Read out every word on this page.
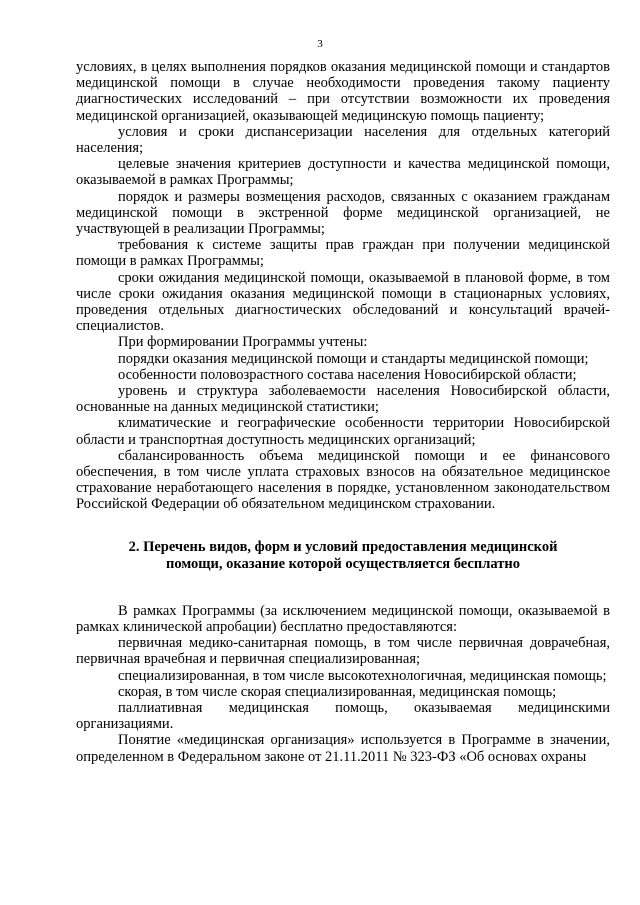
3

условиях, в целях выполнения порядков оказания медицинской помощи и стандартов медицинской помощи в случае необходимости проведения такому пациенту диагностических исследований – при отсутствии возможности их проведения медицинской организацией, оказывающей медицинскую помощь пациенту;

условия и сроки диспансеризации населения для отдельных категорий населения;

целевые значения критериев доступности и качества медицинской помощи, оказываемой в рамках Программы;

порядок и размеры возмещения расходов, связанных с оказанием гражданам медицинской помощи в экстренной форме медицинской организацией, не участвующей в реализации Программы;

требования к системе защиты прав граждан при получении медицинской помощи в рамках Программы;

сроки ожидания медицинской помощи, оказываемой в плановой форме, в том числе сроки ожидания оказания медицинской помощи в стационарных условиях, проведения отдельных диагностических обследований и консультаций врачей-специалистов.

При формировании Программы учтены:

порядки оказания медицинской помощи и стандарты медицинской помощи;

особенности половозрастного состава населения Новосибирской области;

уровень и структура заболеваемости населения Новосибирской области, основанные на данных медицинской статистики;

климатические и географические особенности территории Новосибирской области и транспортная доступность медицинских организаций;

сбалансированность объема медицинской помощи и ее финансового обеспечения, в том числе уплата страховых взносов на обязательное медицинское страхование неработающего населения в порядке, установленном законодательством Российской Федерации об обязательном медицинском страховании.

2. Перечень видов, форм и условий предоставления медицинской
помощи, оказание которой осуществляется бесплатно

В рамках Программы (за исключением медицинской помощи, оказываемой в рамках клинической апробации) бесплатно предоставляются:

первичная медико-санитарная помощь, в том числе первичная доврачебная, первичная врачебная и первичная специализированная;

специализированная, в том числе высокотехнологичная, медицинская помощь;

скорая, в том числе скорая специализированная, медицинская помощь;

паллиативная медицинская помощь, оказываемая медицинскими организациями.

Понятие «медицинская организация» используется в Программе в значении, определенном в Федеральном законе от 21.11.2011 № 323-ФЗ «Об основах охраны
